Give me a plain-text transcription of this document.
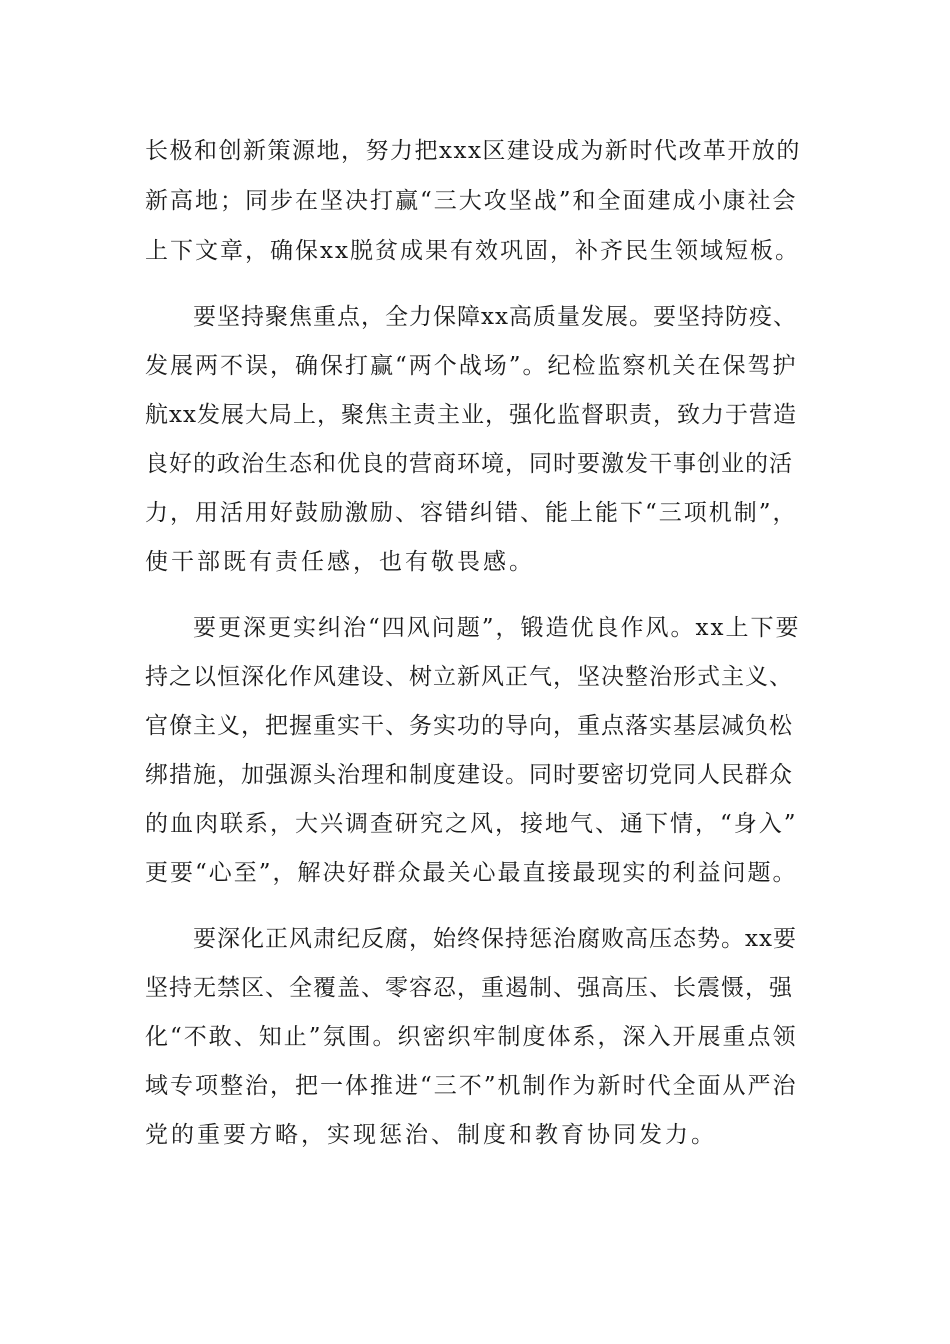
长极和创新策源地，努力把xxx区建设成为新时代改革开放的
新高地；同步在坚决打赢“三大攻坚战”和全面建成小康社会
上下文章，确保xx脱贫成果有效巩固，补齐民生领域短板。
要坚持聚焦重点，全力保障xx高质量发展。要坚持防疫、
发展两不误，确保打赢“两个战场”。纪检监察机关在保驾护
航xx发展大局上，聚焦主责主业，强化监督职责，致力于营造
良好的政治生态和优良的营商环境，同时要激发干事创业的活
力，用活用好鼓励激励、容错纠错、能上能下“三项机制”，
使干部既有责任感，也有敬畏感。
要更深更实纠治“四风问题”，锻造优良作风。xx上下要
持之以恒深化作风建设、树立新风正气，坚决整治形式主义、
官僚主义，把握重实干、务实功的导向，重点落实基层减负松
绑措施，加强源头治理和制度建设。同时要密切党同人民群众
的血肉联系，大兴调查研究之风，接地气、通下情，“身入”
更要“心至”，解决好群众最关心最直接最现实的利益问题。
要深化正风肃纪反腐，始终保持惩治腐败高压态势。xx要
坚持无禁区、全覆盖、零容忍，重遏制、强高压、长震慑，强
化“不敢、知止”氛围。织密织牢制度体系，深入开展重点领
域专项整治，把一体推进“三不”机制作为新时代全面从严治
党的重要方略，实现惩治、制度和教育协同发力。
